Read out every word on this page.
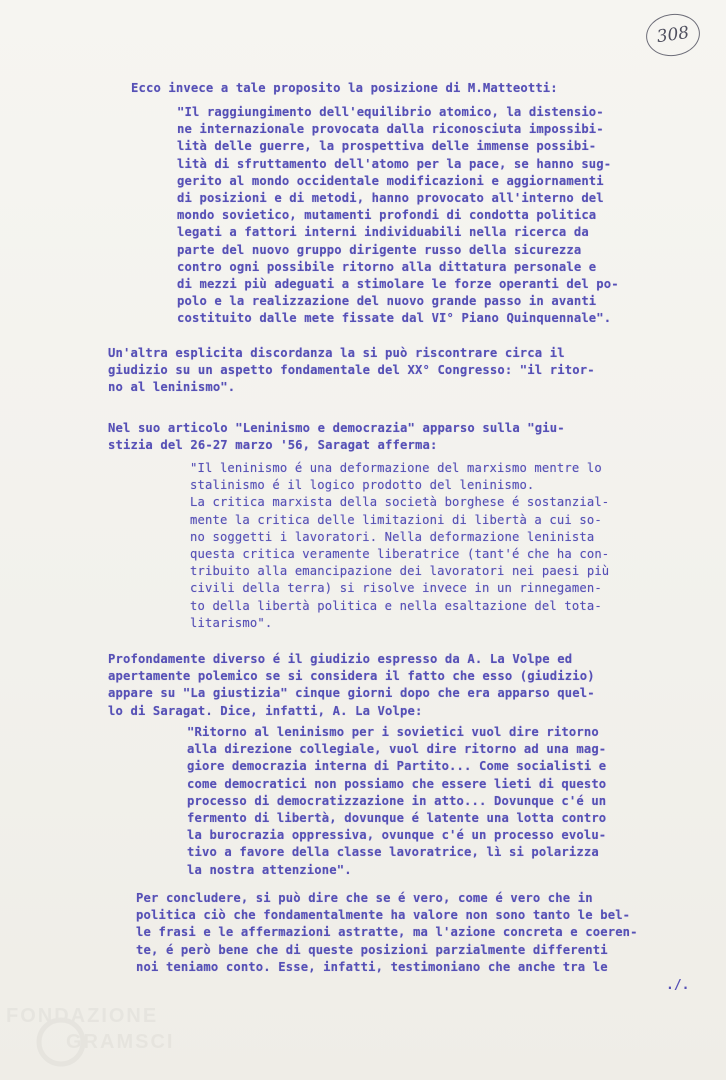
308

Ecco invece a tale proposito la posizione di M.Matteotti:

"Il raggiungimento dell'equilibrio atomico, la distensio-
ne internazionale provocata dalla riconosciuta impossibi-
lità delle guerre, la prospettiva delle immense possibi-
lità di sfruttamento dell'atomo per la pace, se hanno sug-
gerito al mondo occidentale modificazioni e aggiornamenti
di posizioni e di metodi, hanno provocato all'interno del
mondo sovietico, mutamenti profondi di condotta politica
legati a fattori interni individuabili nella ricerca da
parte del nuovo gruppo dirigente russo della sicurezza
contro ogni possibile ritorno alla dittatura personale e
di mezzi più adeguati a stimolare le forze operanti del po-
polo e la realizzazione del nuovo grande passo in avanti
costituito dalle mete fissate dal VI° Piano Quinquennale".

Un'altra esplicita discordanza la si può riscontrare circa il
giudizio su un aspetto fondamentale del XX° Congresso: "il ritor-
no al leninismo".

Nel suo articolo "Leninismo e democrazia" apparso sulla "giu-
stizia del 26-27 marzo '56, Saragat afferma:

"Il leninismo é una deformazione del marxismo mentre lo
stalinismo é il logico prodotto del leninismo.
La critica marxista della società borghese é sostanzial-
mente la critica delle limitazioni di libertà a cui so-
no soggetti i lavoratori. Nella deformazione leninista
questa critica veramente liberatrice (tant'é che ha con-
tribuito alla emancipazione dei lavoratori nei paesi più
civili della terra) si risolve invece in un rinnegamen-
to della libertà politica e nella esaltazione del tota-
litarismo".

Profondamente diverso é il giudizio espresso da A. La Volpe ed
apertamente polemico se si considera il fatto che esso (giudizio)
appare su "La giustizia" cinque giorni dopo che era apparso quel-
lo di Saragat. Dice, infatti, A. La Volpe:

"Ritorno al leninismo per i sovietici vuol dire ritorno
alla direzione collegiale, vuol dire ritorno ad una mag-
giore democrazia interna di Partito... Come socialisti e
come democratici non possiamo che essere lieti di questo
processo di democratizzazione in atto... Dovunque c'é un
fermento di libertà, dovunque é latente una lotta contro
la burocrazia oppressiva, ovunque c'é un processo evolu-
tivo a favore della classe lavoratrice, lì si polarizza
la nostra attenzione".

Per concludere, si può dire che se é vero, come é vero che in
politica ciò che fondamentalmente ha valore non sono tanto le bel-
le frasi e le affermazioni astratte, ma l'azione concreta e coeren-
te, é però bene che di queste posizioni parzialmente differenti
noi teniamo conto. Esse, infatti, testimoniano che anche tra le

./.
FONDAZIONE
GRAMSCI
